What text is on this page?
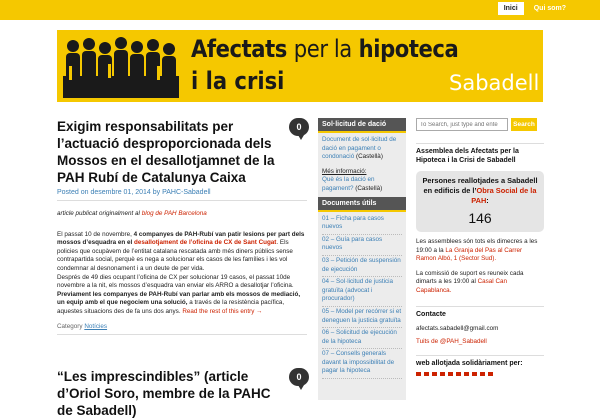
Inici	Qui som?
Afectats per la hipoteca
i la crisi	Sabadell
Exigim responsabilitats per l’actuació desproporcionada dels Mossos en el desallotjamnet de la PAH Rubí de Catalunya Caixa
0
Posted on desembre 01, 2014 by PAHC-Sabadell

article publicat originalment al blog de PAH Barcelona

El passat 10 de novembre, 4 companyes de PAH-Rubí van patir lesions per part dels mossos d’esquadra en el desallotjament de l’oficina de CX de Sant Cugat. Els policies que ocupàvem de l’entitat catalana rescatada amb més diners públics sense contrapartida social, perquè es nega a solucionar els casos de les famílies i les vol condemnar al desnonament i a un deute de per vida.
Després de 49 dies ocupant l’oficina de CX per solucionar 19 casos, el passat 10de novembre a la nit, els mossos d’esquadra van enviar els ARRO a desallotjar l’oficina. Previament les companyes de PAH-Rubí van parlar amb els mossos de mediació, un equip amb el que negociem una solució, a través de la resistència pacífica, aquestes situacions des de fa uns dos anys. Read the rest of this entry →

Category Notícies
“Les imprescindibles” (article d’Oriol Soro, membre de la PAHC de Sabadell)
0
Sol·licitud de dació

Document de sol·licitud de dació en pagament o condonació (Castellà)

Més informació:
Què és la dació en pagament? (Castellà)

Documents útils
01 – Ficha para casos nuevos
02 – Guía para casos nuevos
03 – Petición de suspensión de ejecución
04 – Sol·licitud de justicia gratuïta (advocat i procurador)
05 – Model per recórrer si et deneguen la justicia gratuïta
06 – Solicitud de ejecución de la hipoteca
07 – Consells generals davant la impossibilitat de pagar la hipoteca
To Search, just type and ente
Search
Assemblea dels Afectats per la Hipoteca i la Crisi de Sabadell
Persones reallotjades a Sabadell en edificis de l’Obra Social de la PAH:
146

Les assemblees són tots els dimecres a les 19:00 a la La Granja del Pas al Carrer Ramon Albó, 1 (Sector Sud).

La comissió de suport es reuneix cada dimarts a les 19:00 al Casal Can Capablanca.

Contacte

afectats.sabadell@gmail.com

Tuits de @PAH_Sabadell

web allotjada solidàriament per:
